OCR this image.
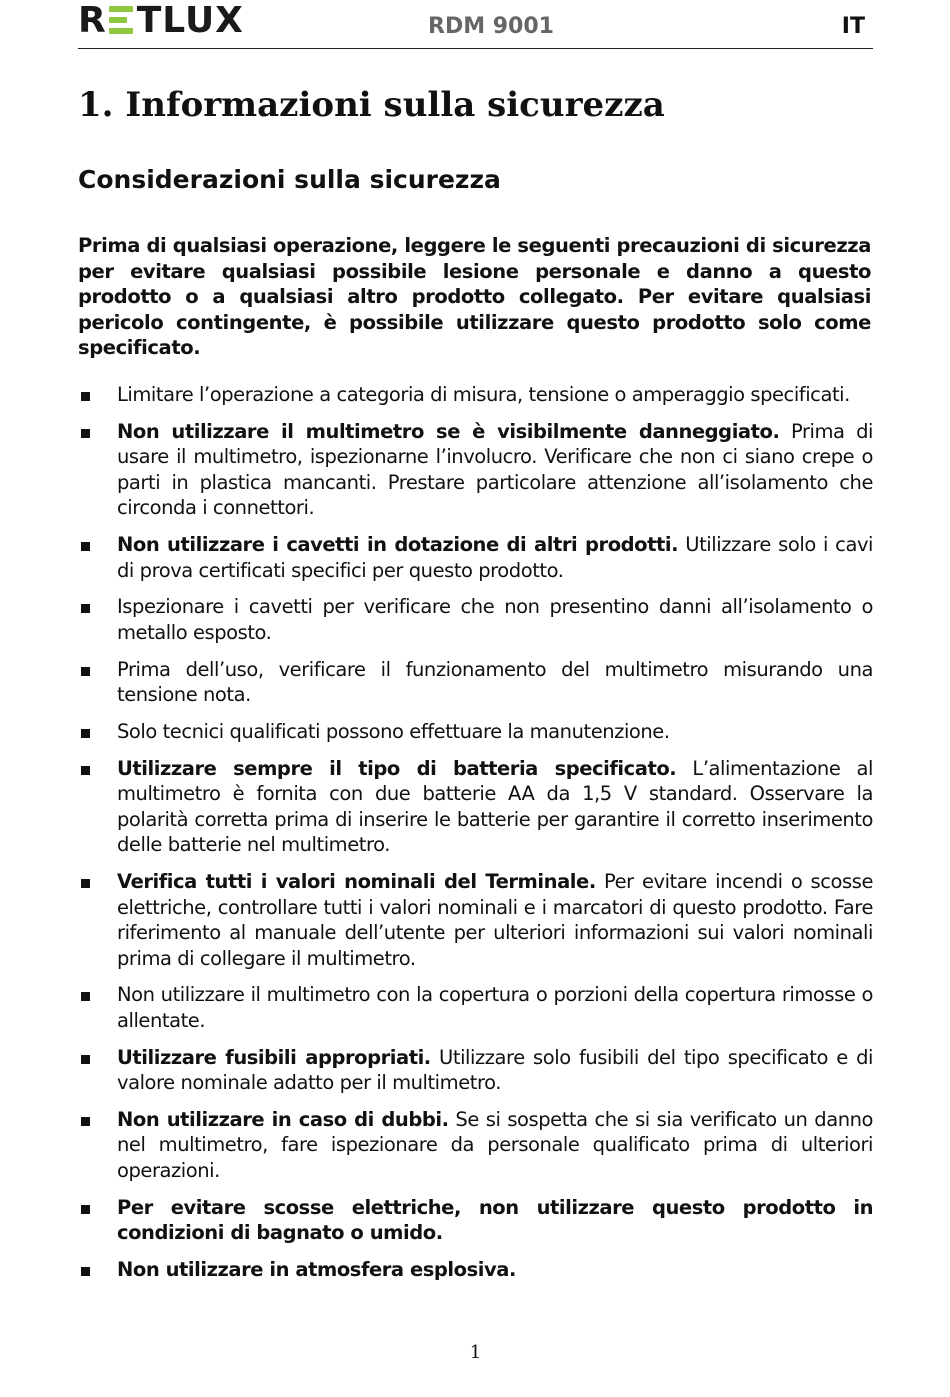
R TLUX	RDM 9001	IT
1. Informazioni sulla sicurezza
Considerazioni sulla sicurezza

Prima di qualsiasi operazione, leggere le seguenti precauzioni di sicurezza per evitare qualsiasi possibile lesione personale e danno a questo prodotto o a qualsiasi altro prodotto collegato. Per evitare qualsiasi pericolo contingente, è possibile utilizzare questo prodotto solo come specificato.

Limitare l’operazione a categoria di misura, tensione o amperaggio specificati.
Non utilizzare il multimetro se è visibilmente danneggiato. Prima di usare il multimetro, ispezionarne l’involucro. Verificare che non ci siano crepe o parti in plastica mancanti. Prestare particolare attenzione all’isolamento che circonda i connettori.
Non utilizzare i cavetti in dotazione di altri prodotti. Utilizzare solo i cavi di prova certificati specifici per questo prodotto.
Ispezionare i cavetti per verificare che non presentino danni all’isolamento o metallo esposto.
Prima dell’uso, verificare il funzionamento del multimetro misurando una tensione nota.
Solo tecnici qualificati possono effettuare la manutenzione.
Utilizzare sempre il tipo di batteria specificato. L’alimentazione al multimetro è fornita con due batterie AA da 1,5 V standard. Osservare la polarità corretta prima di inserire le batterie per garantire il corretto inserimento delle batterie nel multimetro.
Verifica tutti i valori nominali del Terminale. Per evitare incendi o scosse elettriche, controllare tutti i valori nominali e i marcatori di questo prodotto. Fare riferimento al manuale dell’utente per ulteriori informazioni sui valori nominali prima di collegare il multimetro.
Non utilizzare il multimetro con la copertura o porzioni della copertura rimosse o allentate.
Utilizzare fusibili appropriati. Utilizzare solo fusibili del tipo specificato e di valore nominale adatto per il multimetro.
Non utilizzare in caso di dubbi. Se si sospetta che si sia verificato un danno nel multimetro, fare ispezionare da personale qualificato prima di ulteriori operazioni.
Per evitare scosse elettriche, non utilizzare questo prodotto in condizioni di bagnato o umido.
Non utilizzare in atmosfera esplosiva.
1
